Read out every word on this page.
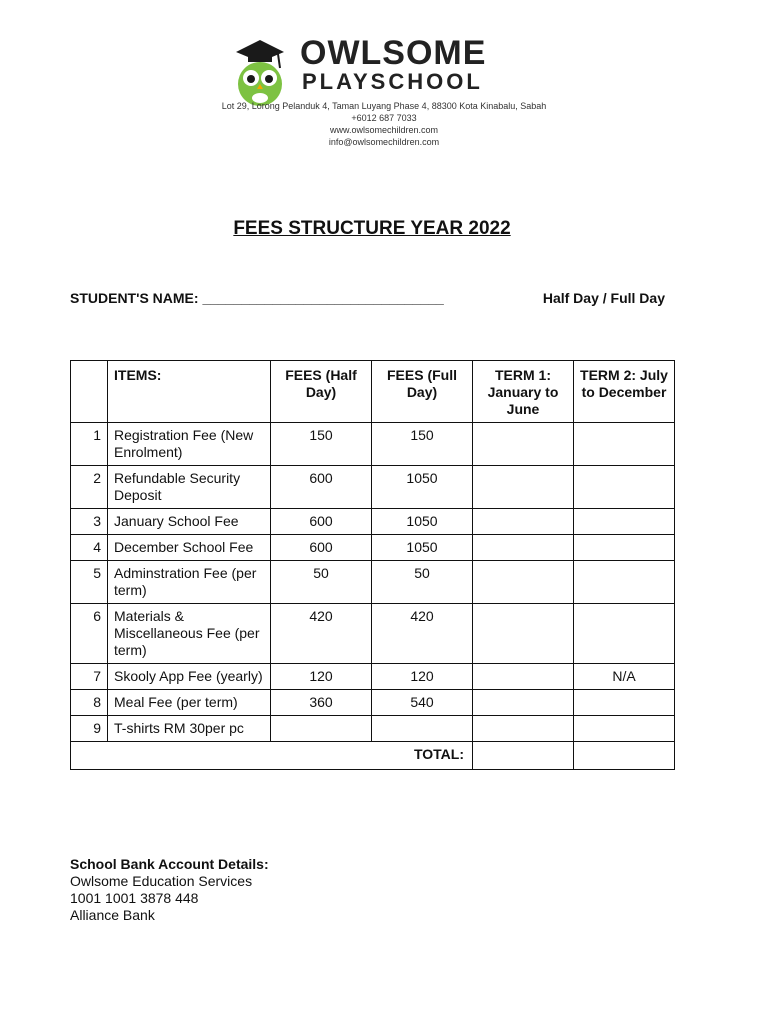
OWLSOME
PLAYSCHOOL
Lot 29, Lorong Pelanduk 4, Taman Luyang Phase 4, 88300 Kota Kinabalu, Sabah
+6012 687 7033
www.owlsomechildren.com
info@owlsomechildren.com
FEES STRUCTURE YEAR 2022
STUDENT'S NAME: _______________________________	Half Day / Full Day
	ITEMS:	FEES (Half Day)	FEES (Full Day)	TERM 1: January to June	TERM 2: July to December
1	Registration Fee (New Enrolment)	150	150		
2	Refundable Security Deposit	600	1050		
3	January School Fee	600	1050		
4	December School Fee	600	1050		
5	Adminstration Fee (per term)	50	50		
6	Materials & Miscellaneous Fee (per term)	420	420		
7	Skooly App Fee (yearly)	120	120		N/A
8	Meal Fee (per term)	360	540		
9	T-shirts RM 30per pc				
TOTAL:					
School Bank Account Details:
Owlsome Education Services
1001 1001 3878 448
Alliance Bank
